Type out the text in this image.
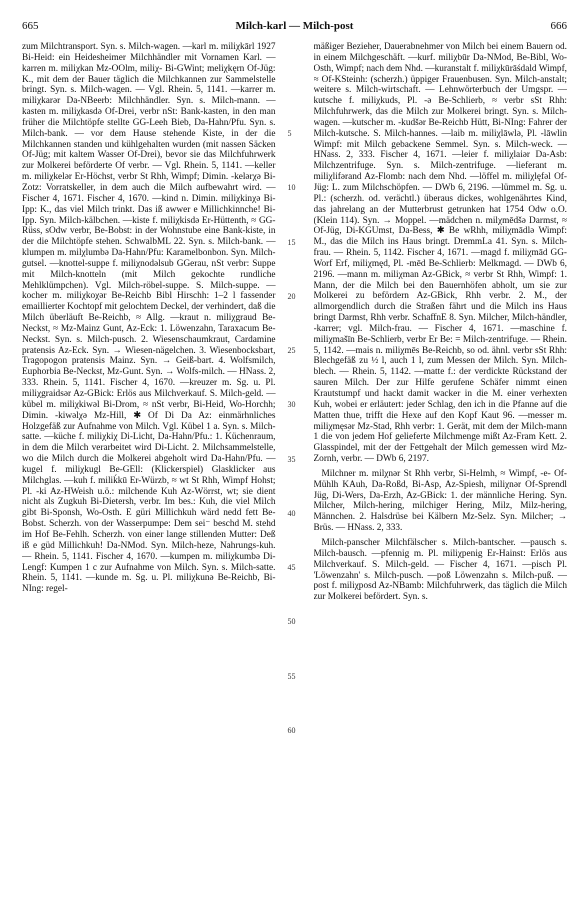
665	Milch-karl — Milch-post	666

zum Milchtransport. Syn. s. Milch-wagen. —karl m. miliχkārl 1927 Bi-Heid: ein Heidesheimer Milchhändler mit Vornamen Karl. —karren m. miliχkan Mz-OOlm, miliχ- Bi-GWint; meliχkęrn Of-Jüg: K., mit dem der Bauer täglich die Milchkannen zur Sammelstelle bringt. Syn. s. Milch-wagen. — Vgl. Rhein. 5, 1141. —karrer m. miliχkarər Da-NBeerb: Milchhändler. Syn. s. Milch-mann. —kasten m. miliχkasdə Of-Drei, verbr nSt: Bank-kasten, in den man früher die Milchtöpfe stellte GG-Leeh Bieb, Da-Hahn/Pfu. Syn. s. Milch-bank. — vor dem Hause stehende Kiste, in der die Milchkannen standen und kühlgehalten wurden (mit nassen Säcken Of-Jüg; mit kaltem Wasser Of-Drei), bevor sie das Milchfuhrwerk zur Molkerei beförderte Of verbr. — Vgl. Rhein. 5, 1141. —keller m. miliχkelər Er-Höchst, verbr St Rhh, Wimpf; Dimin. -kelərχə Bi-Zotz: Vorratskeller, in dem auch die Milch aufbewahrt wird. — Fischer 4, 1671. Fischer 4, 1670. —kind n. Dimin. miliχkinχə Bi-Ipp: K., das viel Milch trinkt. Das iß awwer e Millichkinnche! Bi-Ipp. Syn. Milch-kälbchen. —kiste f. miliχkisdə Er-Hüttenth, ≈ GG-Rüss, sOdw verbr, Be-Bobst: in der Wohnstube eine Bank-kiste, in der die Milchtöpfe stehen. SchwalbML 22. Syn. s. Milch-bank. —klumpen m. milχlumbə Da-Hahn/Pfu: Karamelbonbon. Syn. Milch-gutsel. —knottel-suppe f. miliχnodəlsub GGerau, nSt verbr: Suppe mit Milch-knotteln (mit Milch gekochte rundliche Mehlklümpchen). Vgl. Milch-röbel-suppe. S. Milch-suppe. —kocher m. miliχkoχər Be-Reichb Bibl Hirschh: 1–2 l fassender emaillierter Kochtopf mit gelochtem Deckel, der verhindert, daß die Milch überläuft Be-Reichb, ≈ Allg. —kraut n. miliχgraud Be-Neckst, ≈ Mz-Mainz Gunt, Az-Eck: 1. Löwenzahn, Taraxacum Be-Neckst. Syn. s. Milch-pusch. 2. Wiesenschaumkraut, Cardamine pratensis Az-Eck. Syn. → Wiesen-nägelchen. 3. Wiesenbocksbart, Tragopogon pratensis Mainz. Syn. → Geiß-bart. 4. Wolfsmilch, Euphorbia Be-Neckst, Mz-Gunt. Syn. → Wolfs-milch. — HNass. 2, 333. Rhein. 5, 1141. Fischer 4, 1670. —kreuzer m. Sg. u. Pl. miliχgraidsər Az-GBick: Erlös aus Milchverkauf. S. Milch-geld. —kübel m. miliχkiwəl Bi-Drom, ≈ nSt verbr, Bi-Heid, Wo-Horchh; Dimin. -kiwəlχə Mz-Hill, ✱ Of Di Da Az: einmärhnliches Holzgefäß zur Aufnahme von Milch. Vgl. Kübel 1 a. Syn. s. Milch-satte. —küche f. miliχkiχ Di-Licht, Da-Hahn/Pfu.: 1. Küchenraum, in dem die Milch verarbeitet wird Di-Licht. 2. Milchsammelstelle, wo die Milch durch die Molkerei abgeholt wird Da-Hahn/Pfu. —kugel f. miliχkugl Be-GEll: (Klickerspiel) Glasklicker aus Milchglas. —kuh f. miliḱkū Er-Würzb, ≈ wt St Rhh, Wimpf Hohst; Pl. -ki Az-HWeish u.ö.: milchende Kuh Az-Wörrst, wt; sie dient nicht als Zugkuh Bi-Dietersh, verbr. Im bes.: Kuh, die viel Milch gibt Bi-Sponsh, Wo-Osth. E güri Millichkuh wärd nedd fett Be-Bobst. Scherzh. von der Wasserpumpe: Dem sei⁻ beschd M. stehd im Hof Be-Fehlh. Scherzh. von einer lange stillenden Mutter: Deß iß e güd Millichkuh! Da-NMod. Syn. Milch-heze, Nahrungs-kuh. — Rhein. 5, 1141. Fischer 4, 1670. —kumpen m. miliχkumbə Di-Lengf: Kumpen 1 c zur Aufnahme von Milch. Syn. s. Milch-satte. Rhein. 5, 1141. —kunde m. Sg. u. Pl. miliχkunə Be-Reichb, Bi-NIng: regel-

5
10
15
20
25
30
35
40
45
50
55
60

mäßiger Bezieher, Dauerabnehmer von Milch bei einem Bauern od. in einem Milchgeschäft. —kurf. miliχbūr Da-NMod, Be-Bibl, Wo-Osth, Wimpf; nach dem Nhd. —kuranstalt f. miliχkūrāśdald Wimpf, ≈ Of-KSteinh: (scherzh.) üppiger Frauenbusen. Syn. Milch-anstalt; weitere s. Milch-wirtschaft. — Lehnwörterbuch der Umgspr. —kutsche f. miliχkuds, Pl. -ə Be-Schlierb, ≈ verbr sSt Rhh: Milchfuhrwerk, das die Milch zur Molkerei bringt. Syn. s. Milch-wagen. —kutscher m. -kudšər Be-Reichb Hütt, Bi-NIng: Fahrer der Milch-kutsche. S. Milch-hannes. —laib m. miliχlāwlə, Pl. -lāwlin Wimpf: mit Milch gebackene Semmel. Syn. s. Milch-weck. — HNass. 2, 333. Fischer 4, 1671. —leier f. miliχlaiər Da-Asb: Milchzentrifuge. Syn. s. Milch-zentrifuge. —lieferant m. miliχlifərand Az-Flomb: nach dem Nhd. —löffel m. miliχlęfəl Of-Jüg: L. zum Milchschöpfen. — DWb 6, 2196. —lümmel m. Sg. u. Pl.: (scherzh. od. verächtl.) überaus dickes, wohlgenährtes Kind, das jahrelang an der Mutterbrust getrunken hat 1754 Odw o.O. (Klein 114). Syn. → Moppel. —mädchen n. milχmēdšə Darmst, ≈ Of-Jüg, Di-KGUmst, Da-Bess, ✱ Be wRhh, miliχmādlə Wimpf: M., das die Milch ins Haus bringt. DremmLa 41. Syn. s. Milch-frau. — Rhein. 5, 1142. Fischer 4, 1671. —magd f. miliχmād GG-Worf Erf, miliχmęd, Pl. -mēd Be-Schlierb: Melkmagd. — DWb 6, 2196. —mann m. miliχman Az-GBick, ≈ verbr St Rhh, Wimpf: 1. Mann, der die Milch bei den Bauernhöfen abholt, um sie zur Molkerei zu befördern Az-GBick, Rhh verbr. 2. M., der allmorgendlich durch die Straßen fährt und die Milch ins Haus bringt Darmst, Rhh verbr. SchaffnE 8. Syn. Milcher, Milch-händler, -karrer; vgl. Milch-frau. — Fischer 4, 1671. —maschine f. miliχmašīn Be-Schlierb, verbr Er Be: = Milch-zentrifuge. — Rhein. 5, 1142. —mais n. miliχmēs Be-Reichb, so od. ähnl. verbr sSt Rhh: Blechgefäß zu ½ l, auch 1 l, zum Messen der Milch. Syn. Milch-blech. — Rhein. 5, 1142. —matte f.: der verdickte Rückstand der sauren Milch. Der zur Hilfe gerufene Schäfer nimmt einen Krautstumpf und hackt damit wacker in die M. einer verhexten Kuh, wobei er erläutert: jeder Schlag, den ich in die Pfanne auf die Matten thue, trifft die Hexe auf den Kopf Kaut 96. —messer m. miliχmęsər Mz-Stad, Rhh verbr: 1. Gerät, mit dem der Milch-mann 1 die von jedem Hof gelieferte Milchmenge mißt Az-Fram Kett. 2. Glasspindel, mit der der Fettgehalt der Milch gemessen wird Mz-Zornh, verbr. — DWb 6, 2197.

Milchner m. milχnər St Rhh verbr, Si-Helmh, ≈ Wimpf, -e- Of-Mühlh KAuh, Da-Roßd, Bi-Asp, Az-Spiesh, miliχnər Of-Sprendl Jüg, Di-Wers, Da-Erzh, Az-GBick: 1. der männliche Hering. Syn. Milcher, Milch-hering, milchiger Hering, Milz, Milz-hering, Männchen. 2. Halsdrüse bei Kälbern Mz-Selz. Syn. Milcher; → Brüs. — HNass. 2, 333.

Milch-panscher Milchfälscher s. Milch-bantscher. —pausch s. Milch-bausch. —pfennig m. Pl. miliχpenig Er-Hainst: Erlös aus Milchverkauf. S. Milch-geld. — Fischer 4, 1671. —pisch Pl. 'Löwenzahn' s. Milch-pusch. —poß Löwenzahn s. Milch-puß. —post f. miliχposd Az-NBamb: Milchfuhrwerk, das täglich die Milch zur Molkerei befördert. Syn. s.
